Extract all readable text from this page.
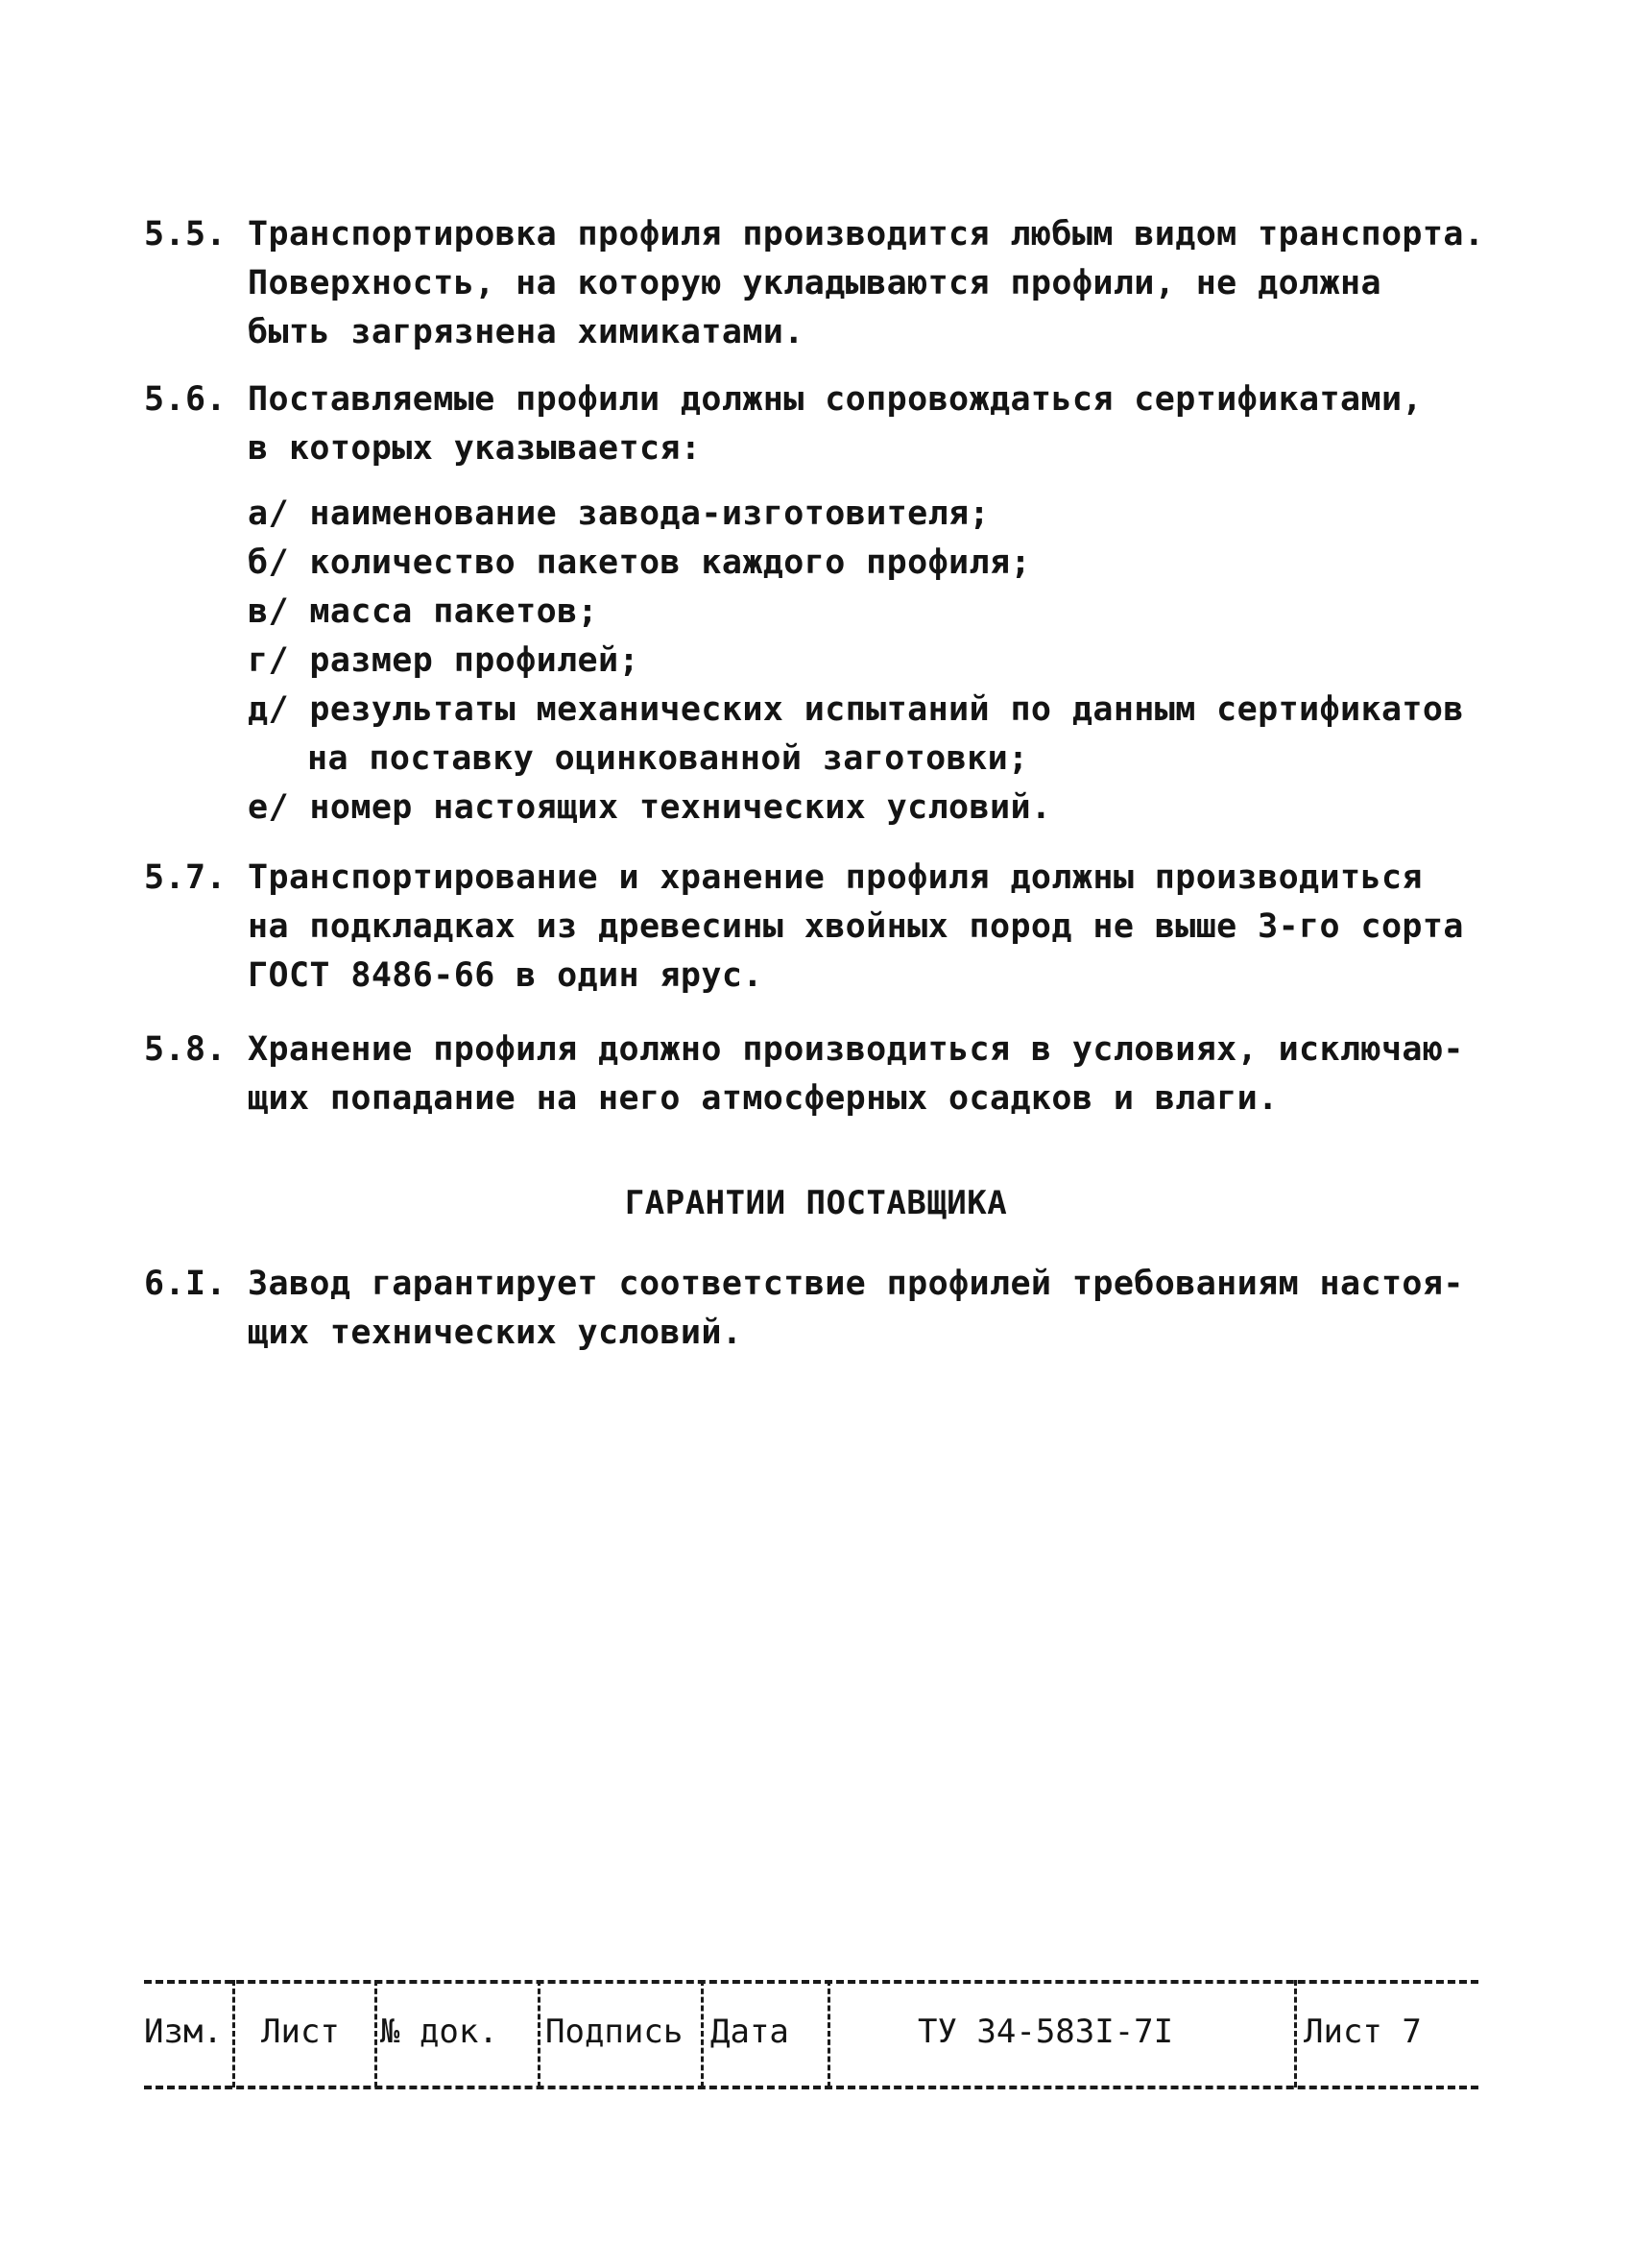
5.5. Транспортировка профиля производится любым видом транспорта.
Поверхность, на которую укладываются профили, не должна
быть загрязнена химикатами.
5.6. Поставляемые профили должны сопровождаться сертификатами,
в которых указывается:
а/ наименование завода-изготовителя;
б/ количество пакетов каждого профиля;
в/ масса пакетов;
г/ размер профилей;
д/ результаты механических испытаний по данным сертификатов
на поставку оцинкованной заготовки;
е/ номер настоящих технических условий.
5.7. Транспортирование и хранение профиля должны производиться
на подкладках из древесины хвойных пород не выше 3-го сорта
ГОСТ 8486-66 в один ярус.
5.8. Хранение профиля должно производиться в условиях, исключаю-
щих попадание на него атмосферных осадков и влаги.
ГАРАНТИИ ПОСТАВЩИКА
6.I. Завод гарантирует соответствие профилей требованиям настоя-
щих технических условий.
Изм. Лист № док. Подпись Дата	ТУ 34-583I-7I	Лист 7
